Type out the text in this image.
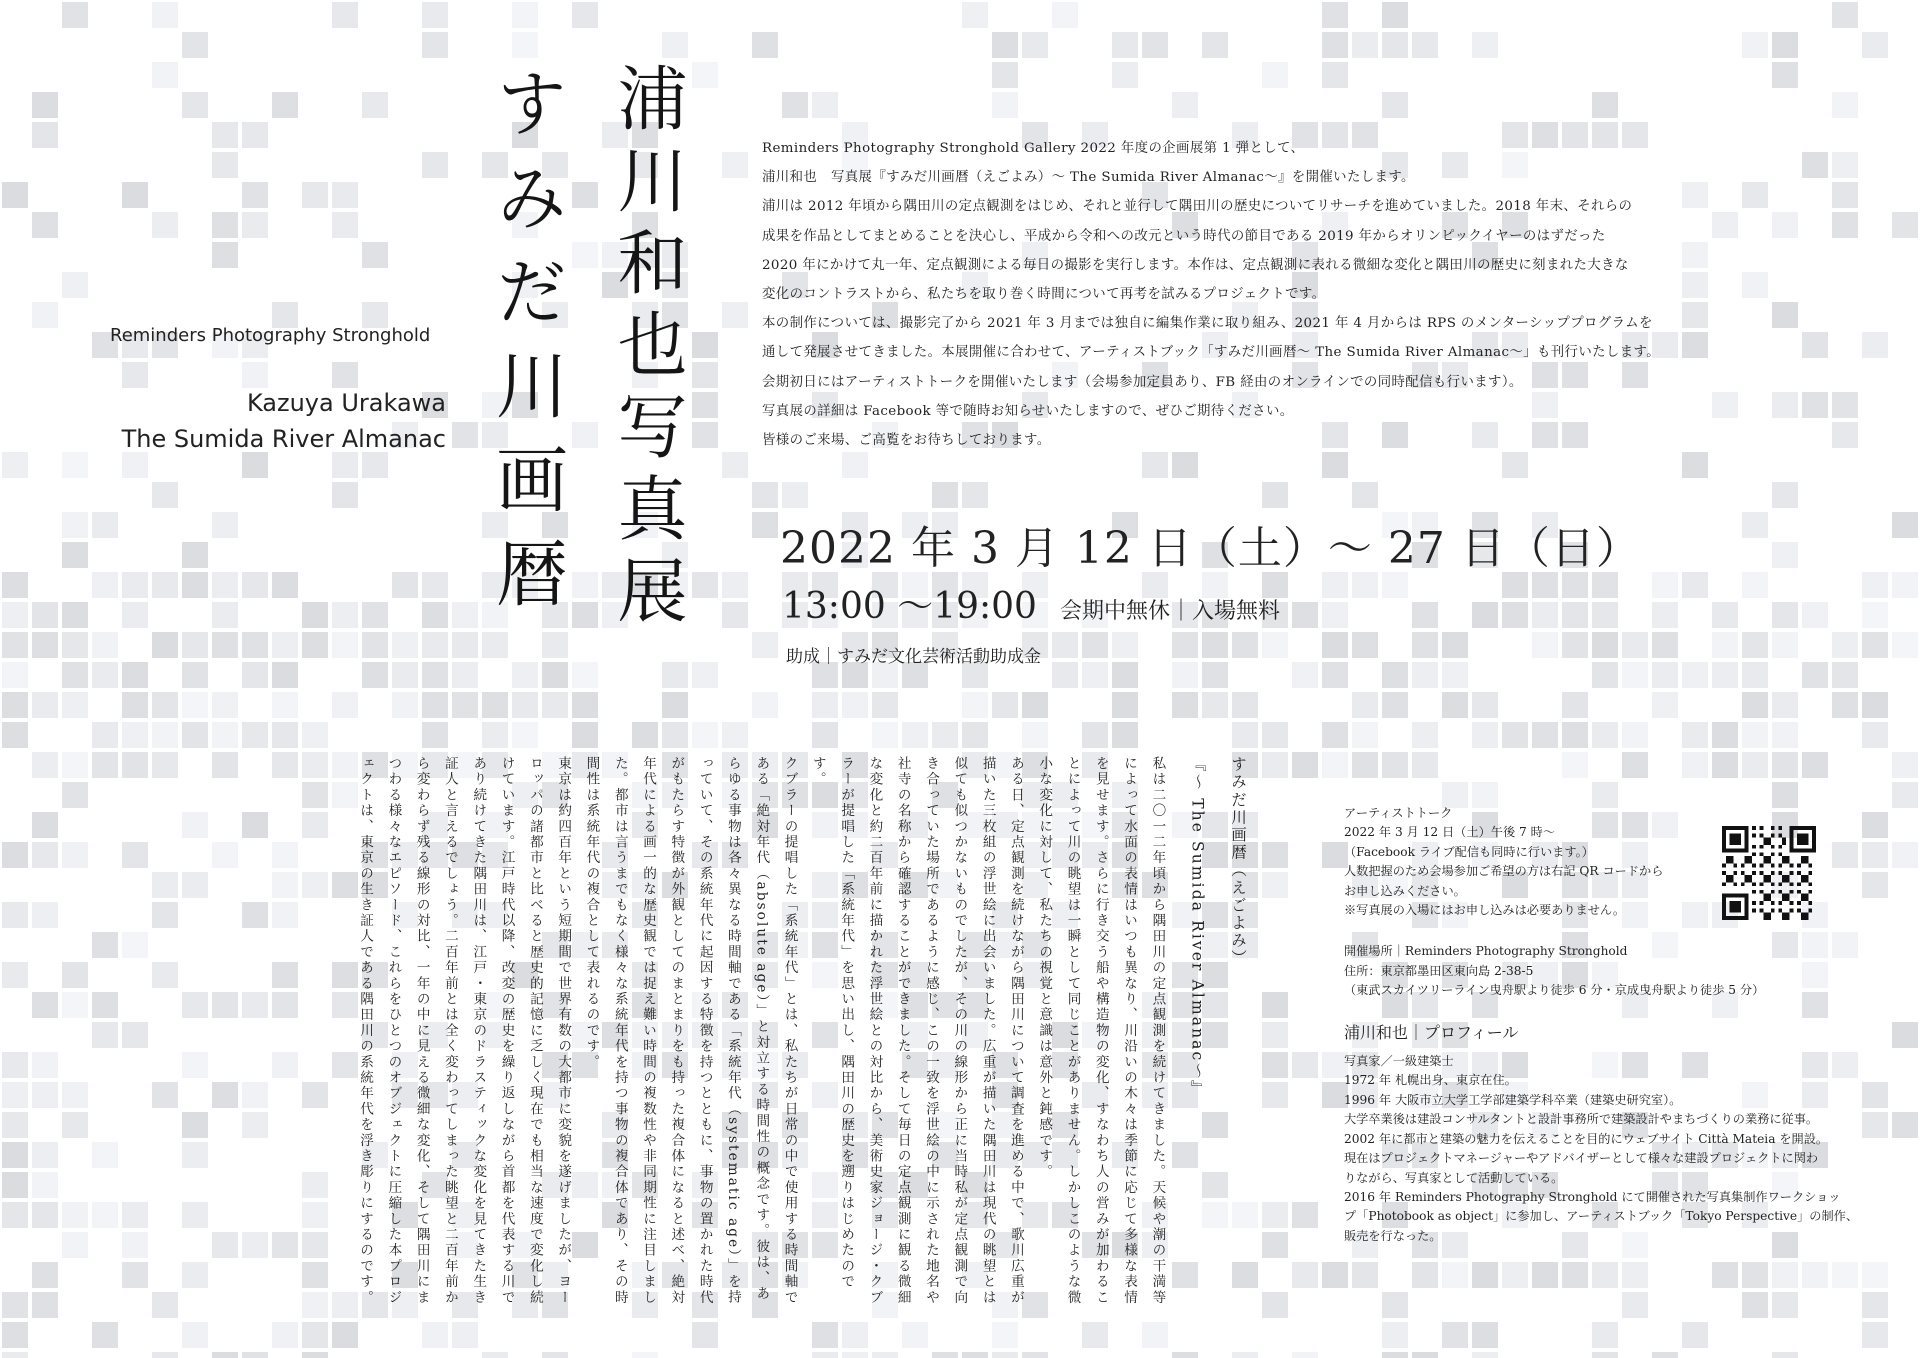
浦川和也写真展
すみだ川画暦
Reminders Photography Stronghold
Kazuya Urakawa
The Sumida River Almanac

Reminders Photography Stronghold Gallery 2022 年度の企画展第 1 弾として、

浦川和也　写真展『すみだ川画暦（えごよみ）～ The Sumida River Almanac～』を開催いたします。

浦川は 2012 年頃から隅田川の定点観測をはじめ、それと並行して隅田川の歴史についてリサーチを進めていました。2018 年末、それらの

成果を作品としてまとめることを決心し、平成から令和への改元という時代の節目である 2019 年からオリンピックイヤーのはずだった

2020 年にかけて丸一年、定点観測による毎日の撮影を実行します。本作は、定点観測に表れる微細な変化と隅田川の歴史に刻まれた大きな

変化のコントラストから、私たちを取り巻く時間について再考を試みるプロジェクトです。

本の制作については、撮影完了から 2021 年 3 月までは独自に編集作業に取り組み、2021 年 4 月からは RPS のメンターシッププログラムを

通して発展させてきました。本展開催に合わせて、アーティストブック「すみだ川画暦～ The Sumida River Almanac～」も刊行いたします。

会期初日にはアーティストトークを開催いたします（会場参加定員あり、FB 経由のオンラインでの同時配信も行います）。

写真展の詳細は Facebook 等で随時お知らせいたしますので、ぜひご期待ください。

皆様のご来場、ご高覧をお待ちしております。

2022 年 3 月 12 日（土）～ 27 日（日）
13:00 ～19:00 会期中無休｜入場無料
助成｜すみだ文化芸術活動助成金

すみだ川画暦（えごよみ）

『～ The Sumida River Almanac～』

私は二〇一二年頃から隅田川の定点観測を続けてきました。天候や潮の干満等によって水面の表情はいつも異なり、川沿いの木々は季節に応じて多様な表情を見せます。さらに行き交う船や構造物の変化、すなわち人の営みが加わることによって川の眺望は一瞬として同じことがありません。しかしこのような微小な変化に対して、私たちの視覚と意識は意外と鈍感です。

ある日、定点観測を続けながら隅田川について調査を進める中で、歌川広重が描いた三枚組の浮世絵に出会いました。広重が描いた隅田川は現代の眺望とは似ても似つかないものでしたが、その川の線形から正に当時私が定点観測で向き合っていた場所であるように感じ、この一致を浮世絵の中に示された地名や社寺の名称から確認することができました。そして毎日の定点観測に観る微細な変化と約二百年前に描かれた浮世絵との対比から、美術史家ジョージ・クブラーが提唱した「系統年代」を思い出し、隅田川の歴史を遡りはじめたのです。

クブラーの提唱した「系統年代」とは、私たちが日常の中で使用する時間軸である「絶対年代（absolute age）」と対立する時間性の概念です。彼は、あらゆる事物は各々異なる時間軸である「系統年代（systematic age）」を持っていて、その系統年代に起因する特徴を持つとともに、事物の置かれた時代がもたらす特徴が外観としてのまとまりをも持った複合体になると述べ、絶対年代による画一的な歴史観では捉え難い時間の複数性や非同期性に注目しました。都市は言うまでもなく様々な系統年代を持つ事物の複合体であり、その時間性は系統年代の複合として表れるのです。

東京は約四百年という短期間で世界有数の大都市に変貌を遂げましたが、ヨーロッパの諸都市と比べると歴史的記憶に乏しく現在でも相当な速度で変化し続けています。江戸時代以降、改変の歴史を繰り返しながら首都を代表する川であり続けてきた隅田川は、江戸・東京のドラスティックな変化を見てきた生き証人と言えるでしょう。二百年前とは全く変わってしまった眺望と二百年前から変わらず残る線形の対比、一年の中に見える微細な変化、そして隅田川にまつわる様々なエピソード、これらをひとつのオブジェクトに圧縮した本プロジェクトは、東京の生き証人である隅田川の系統年代を浮き彫りにするのです。	アーティストトーク

2022 年 3 月 12 日（土）午後 7 時～

（Facebook ライブ配信も同時に行います。）

人数把握のため会場参加ご希望の方は右記 QR コードから

お申し込みください。

※写真展の入場にはお申し込みは必要ありません。

開催場所｜Reminders Photography Stronghold

住所：東京都墨田区東向島 2-38-5

（東武スカイツリーライン曳舟駅より徒歩 6 分・京成曳舟駅より徒歩 5 分）

浦川和也｜プロフィール

写真家／一級建築士

1972 年 札幌出身、東京在住。

1996 年 大阪市立大学工学部建築学科卒業（建築史研究室）。

大学卒業後は建設コンサルタントと設計事務所で建築設計やまちづくりの業務に従事。

2002 年に都市と建築の魅力を伝えることを目的にウェブサイト Città Mateia を開設。

現在はプロジェクトマネージャーやアドバイザーとして様々な建設プロジェクトに関わ

りながら、写真家として活動している。

2016 年 Reminders Photography Stronghold にて開催された写真集制作ワークショッ

プ「Photobook as object」に参加し、アーティストブック「Tokyo Perspective」の制作、

販売を行なった。
